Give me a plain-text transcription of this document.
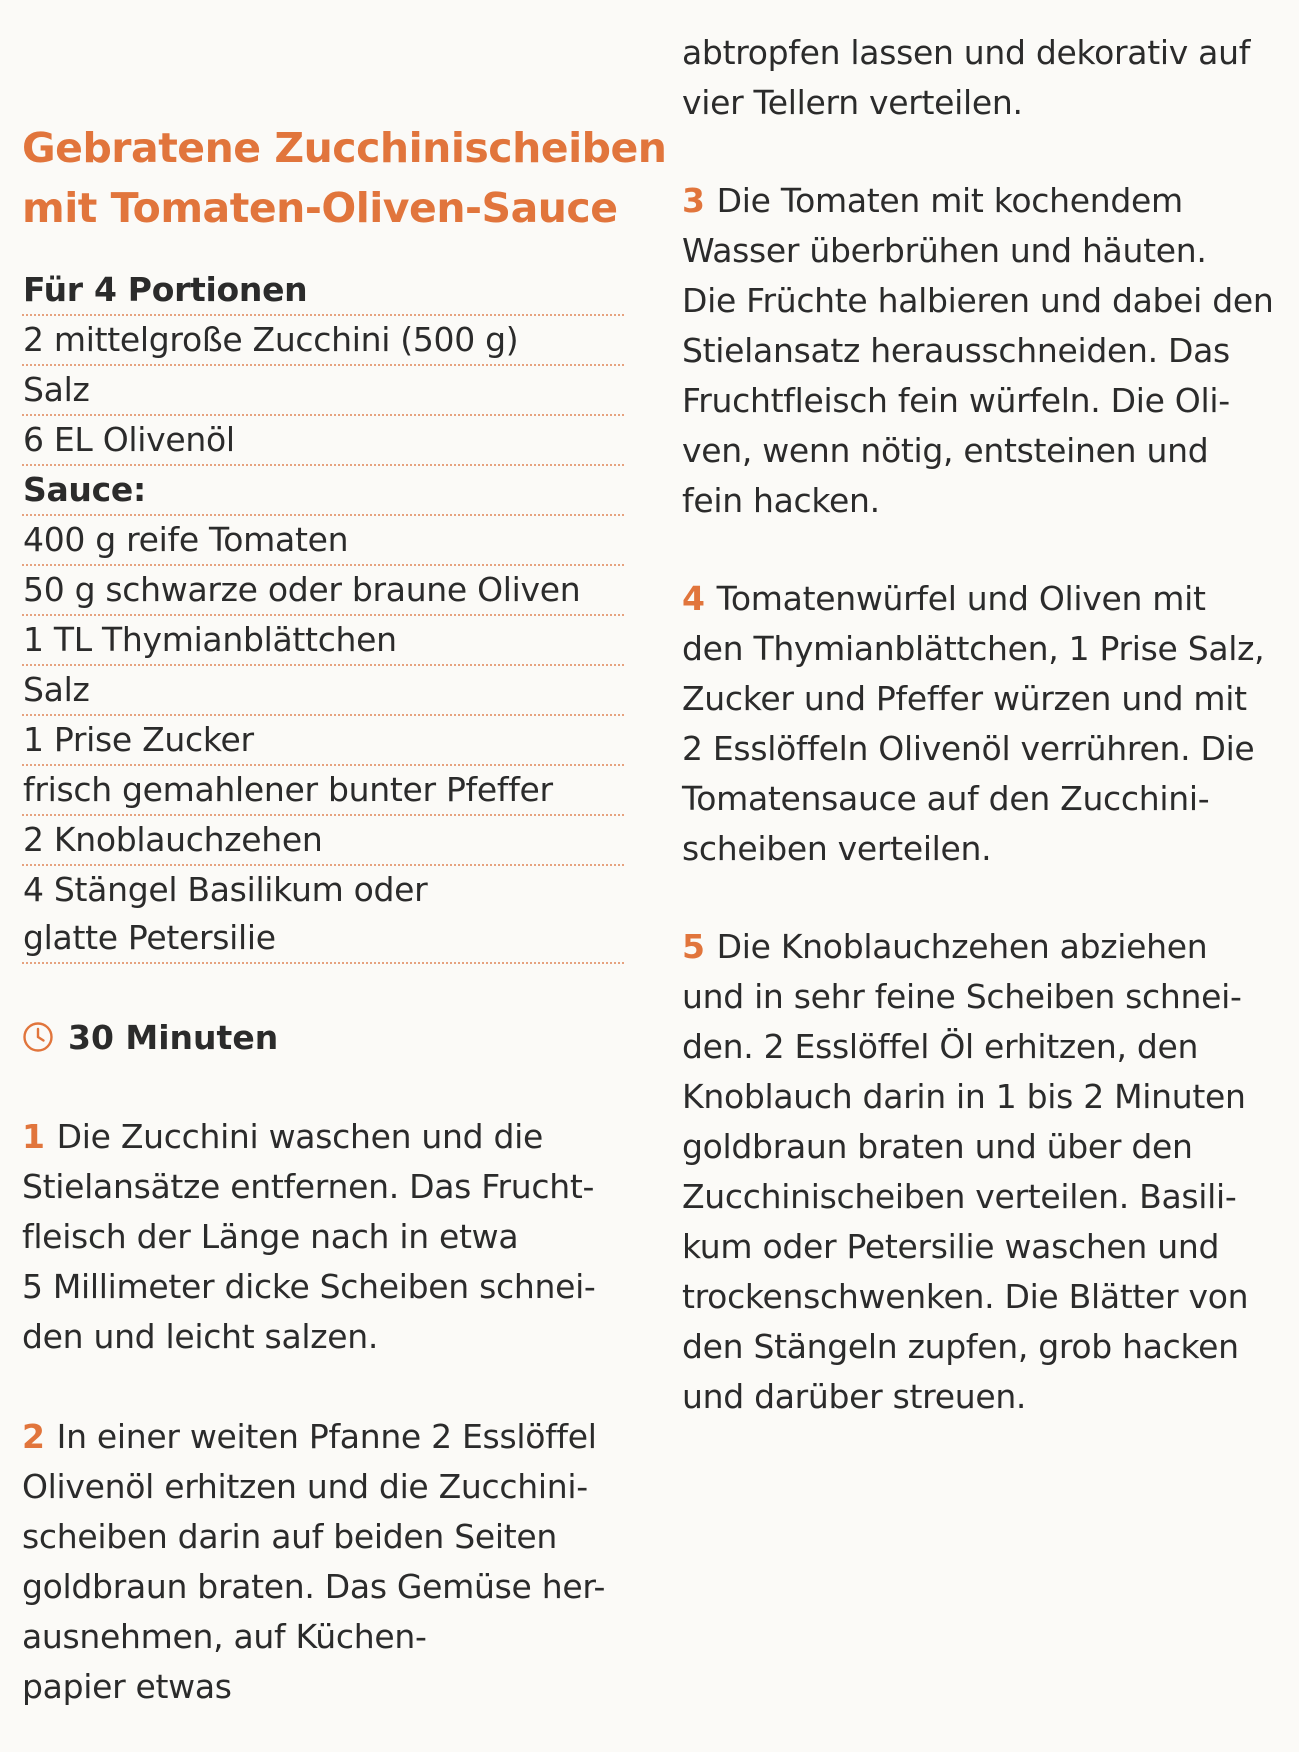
Gebratene Zucchinischeiben
mit Tomaten-Oliven-Sauce
Für 4 Portionen
2 mittelgroße Zucchini (500 g)
Salz
6 EL Olivenöl
Sauce:
400 g reife Tomaten
50 g schwarze oder braune Oliven
1 TL Thymianblättchen
Salz
1 Prise Zucker
frisch gemahlener bunter Pfeffer
2 Knoblauchzehen
4 Stängel Basilikum oder
glatte Petersilie
30 Minuten

1 Die Zucchini waschen und die
Stielansätze entfernen. Das Frucht-
fleisch der Länge nach in etwa
5 Millimeter dicke Scheiben schnei-
den und leicht salzen.

2 In einer weiten Pfanne 2 Esslöffel
Olivenöl erhitzen und die Zucchini-
scheiben darin auf beiden Seiten
goldbraun braten. Das Gemüse her-
ausnehmen, auf Küchen-
papier etwas

abtropfen lassen und dekorativ auf
vier Tellern verteilen.

3 Die Tomaten mit kochendem
Wasser überbrühen und häuten.
Die Früchte halbieren und dabei den
Stielansatz herausschneiden. Das
Fruchtfleisch fein würfeln. Die Oli-
ven, wenn nötig, entsteinen und
fein hacken.

4 Tomatenwürfel und Oliven mit
den Thymianblättchen, 1 Prise Salz,
Zucker und Pfeffer würzen und mit
2 Esslöffeln Olivenöl verrühren. Die
Tomatensauce auf den Zucchini-
scheiben verteilen.

5 Die Knoblauchzehen abziehen
und in sehr feine Scheiben schnei-
den. 2 Esslöffel Öl erhitzen, den
Knoblauch darin in 1 bis 2 Minuten
goldbraun braten und über den
Zucchinischeiben verteilen. Basili-
kum oder Petersilie waschen und
trockenschwenken. Die Blätter von
den Stängeln zupfen, grob hacken
und darüber streuen.
